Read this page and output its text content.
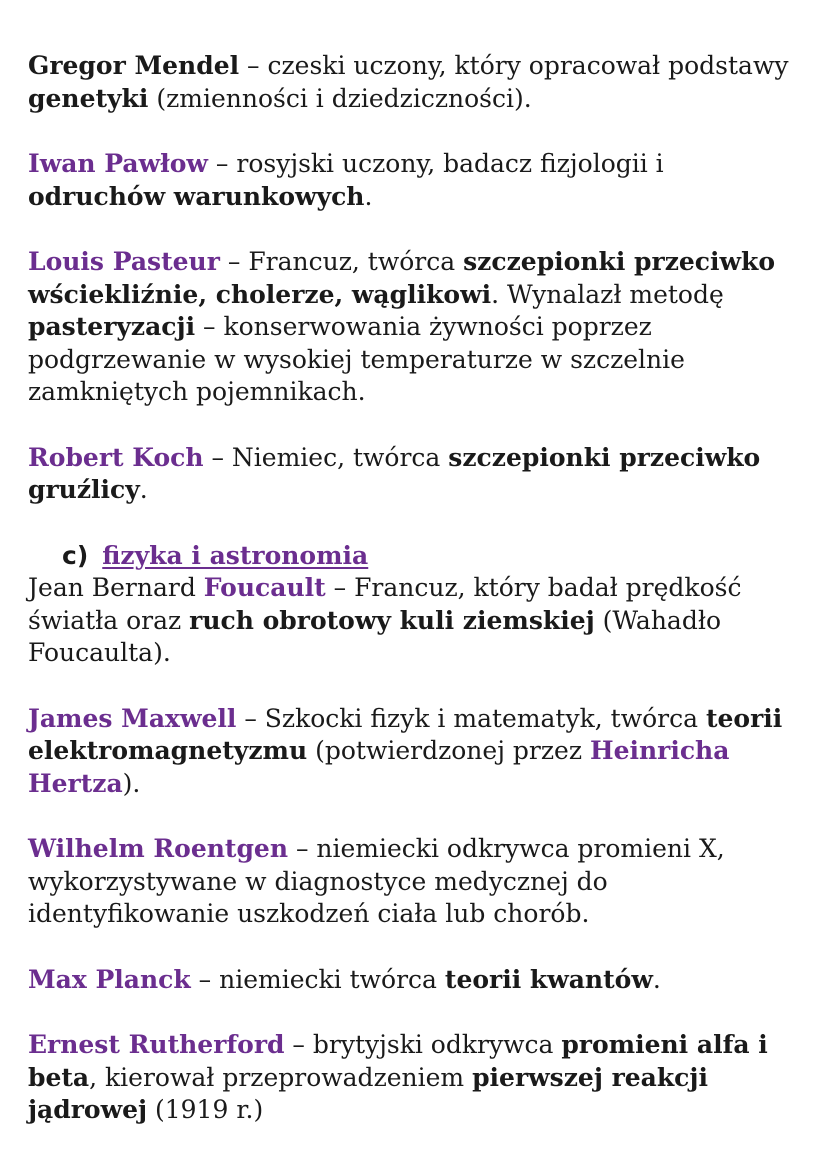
Gregor Mendel – czeski uczony, który opracował podstawy genetyki (zmienności i dziedziczności).

Iwan Pawłow – rosyjski uczony, badacz fizjologii i odruchów warunkowych.

Louis Pasteur – Francuz, twórca szczepionki przeciwko wściekliźnie, cholerze, wąglikowi. Wynalazł metodę pasteryzacji – konserwowania żywności poprzez podgrzewanie w wysokiej temperaturze w szczelnie zamkniętych pojemnikach.

Robert Koch – Niemiec, twórca szczepionki przeciwko gruźlicy.

c) fizyka i astronomia

Jean Bernard Foucault – Francuz, który badał prędkość światła oraz ruch obrotowy kuli ziemskiej (Wahadło Foucaulta).

James Maxwell – Szkocki fizyk i matematyk, twórca teorii elektromagnetyzmu (potwierdzonej przez Heinricha Hertza).

Wilhelm Roentgen – niemiecki odkrywca promieni X, wykorzystywane w diagnostyce medycznej do identyfikowanie uszkodzeń ciała lub chorób.

Max Planck – niemiecki twórca teorii kwantów.

Ernest Rutherford – brytyjski odkrywca promieni alfa i beta, kierował przeprowadzeniem pierwszej reakcji jądrowej (1919 r.)
